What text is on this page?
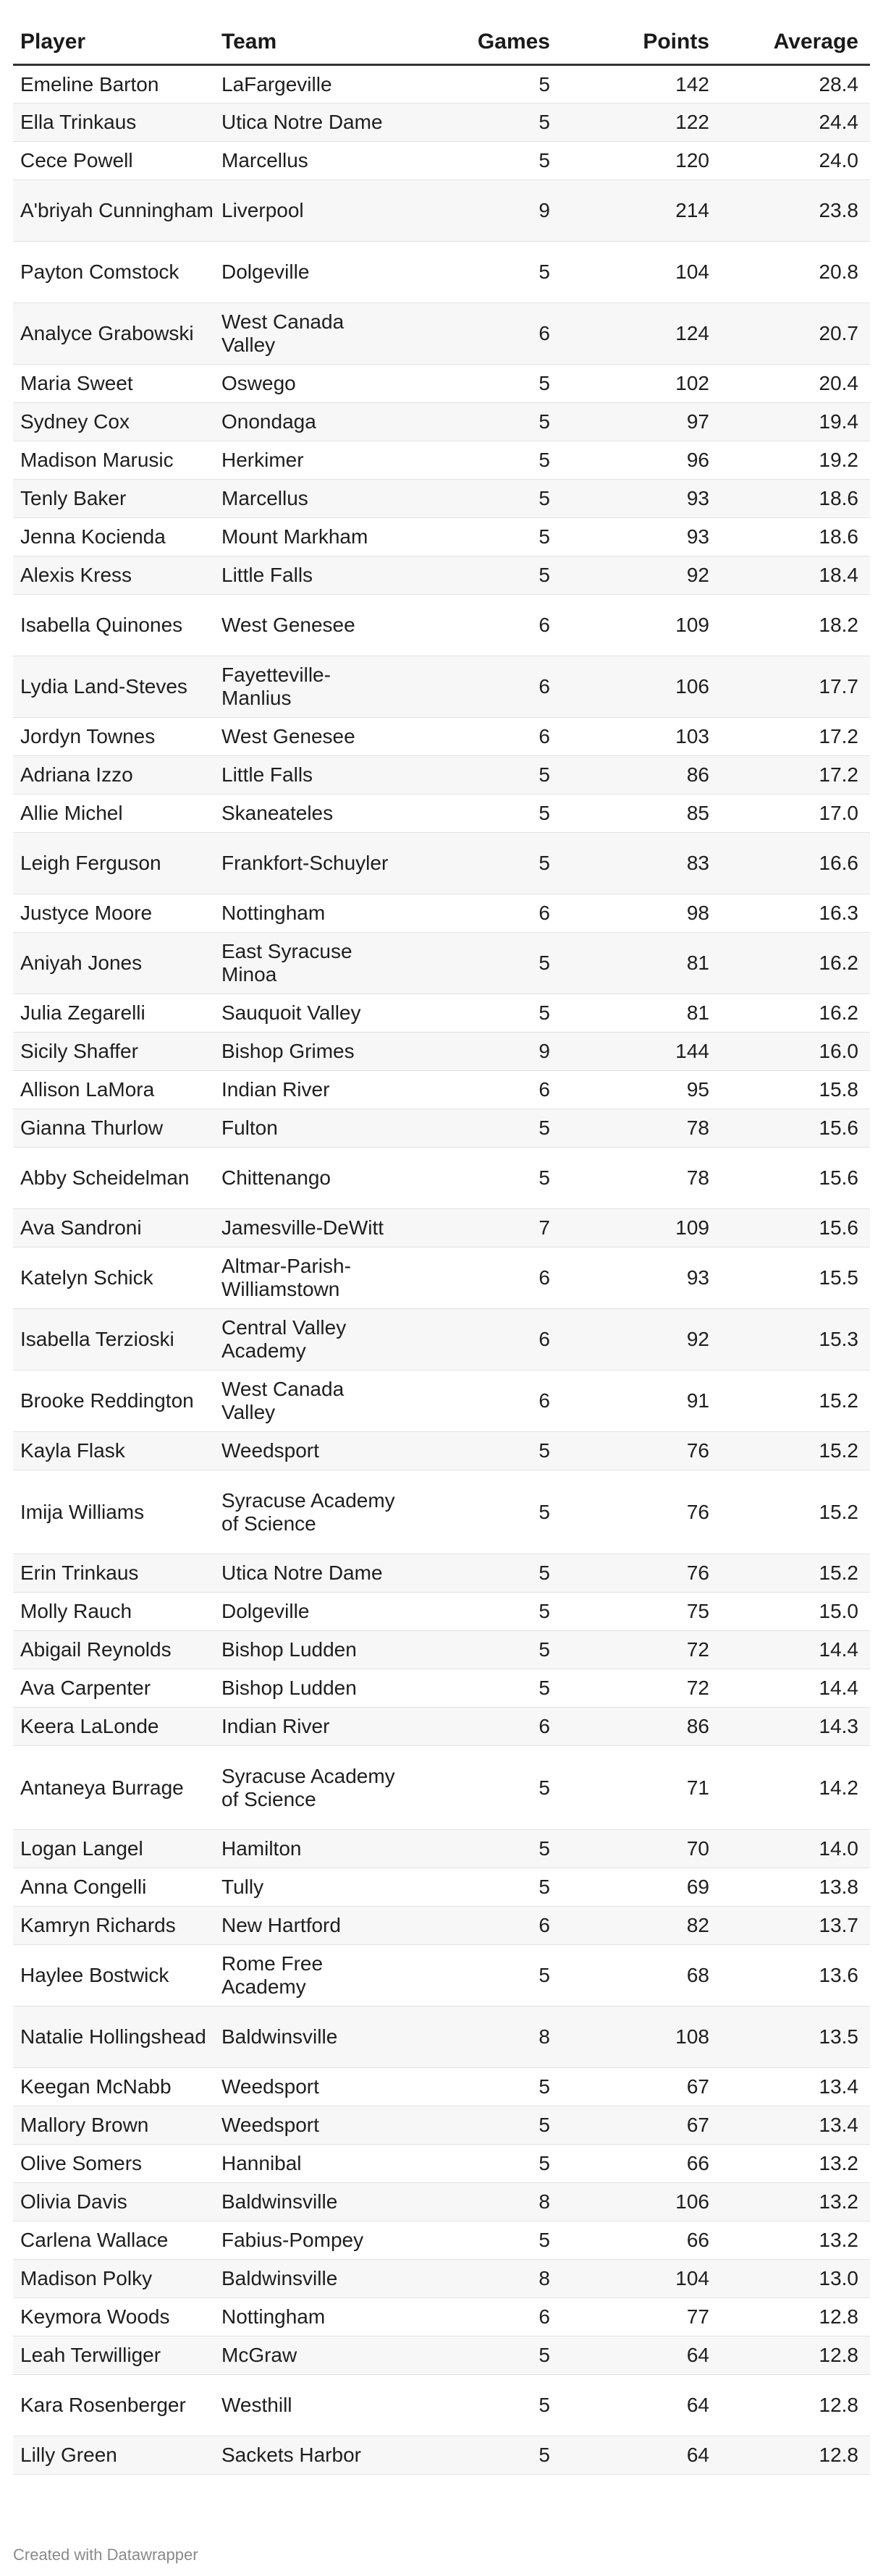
Player	Team	Games	Points	Average
Emeline Barton	LaFargeville	5	142	28.4
Ella Trinkaus	Utica Notre Dame	5	122	24.4
Cece Powell	Marcellus	5	120	24.0
A'briyah Cunningham	Liverpool	9	214	23.8
Payton Comstock	Dolgeville	5	104	20.8
Analyce Grabowski	West Canada Valley	6	124	20.7
Maria Sweet	Oswego	5	102	20.4
Sydney Cox	Onondaga	5	97	19.4
Madison Marusic	Herkimer	5	96	19.2
Tenly Baker	Marcellus	5	93	18.6
Jenna Kocienda	Mount Markham	5	93	18.6
Alexis Kress	Little Falls	5	92	18.4
Isabella Quinones	West Genesee	6	109	18.2
Lydia Land-Steves	Fayetteville-Manlius	6	106	17.7
Jordyn Townes	West Genesee	6	103	17.2
Adriana Izzo	Little Falls	5	86	17.2
Allie Michel	Skaneateles	5	85	17.0
Leigh Ferguson	Frankfort-Schuyler	5	83	16.6
Justyce Moore	Nottingham	6	98	16.3
Aniyah Jones	East Syracuse Minoa	5	81	16.2
Julia Zegarelli	Sauquoit Valley	5	81	16.2
Sicily Shaffer	Bishop Grimes	9	144	16.0
Allison LaMora	Indian River	6	95	15.8
Gianna Thurlow	Fulton	5	78	15.6
Abby Scheidelman	Chittenango	5	78	15.6
Ava Sandroni	Jamesville-DeWitt	7	109	15.6
Katelyn Schick	Altmar-Parish-Williamstown	6	93	15.5
Isabella Terzioski	Central Valley Academy	6	92	15.3
Brooke Reddington	West Canada Valley	6	91	15.2
Kayla Flask	Weedsport	5	76	15.2
Imija Williams	Syracuse Academy of Science	5	76	15.2
Erin Trinkaus	Utica Notre Dame	5	76	15.2
Molly Rauch	Dolgeville	5	75	15.0
Abigail Reynolds	Bishop Ludden	5	72	14.4
Ava Carpenter	Bishop Ludden	5	72	14.4
Keera LaLonde	Indian River	6	86	14.3
Antaneya Burrage	Syracuse Academy of Science	5	71	14.2
Logan Langel	Hamilton	5	70	14.0
Anna Congelli	Tully	5	69	13.8
Kamryn Richards	New Hartford	6	82	13.7
Haylee Bostwick	Rome Free Academy	5	68	13.6
Natalie Hollingshead	Baldwinsville	8	108	13.5
Keegan McNabb	Weedsport	5	67	13.4
Mallory Brown	Weedsport	5	67	13.4
Olive Somers	Hannibal	5	66	13.2
Olivia Davis	Baldwinsville	8	106	13.2
Carlena Wallace	Fabius-Pompey	5	66	13.2
Madison Polky	Baldwinsville	8	104	13.0
Keymora Woods	Nottingham	6	77	12.8
Leah Terwilliger	McGraw	5	64	12.8
Kara Rosenberger	Westhill	5	64	12.8
Lilly Green	Sackets Harbor	5	64	12.8
Created with Datawrapper
